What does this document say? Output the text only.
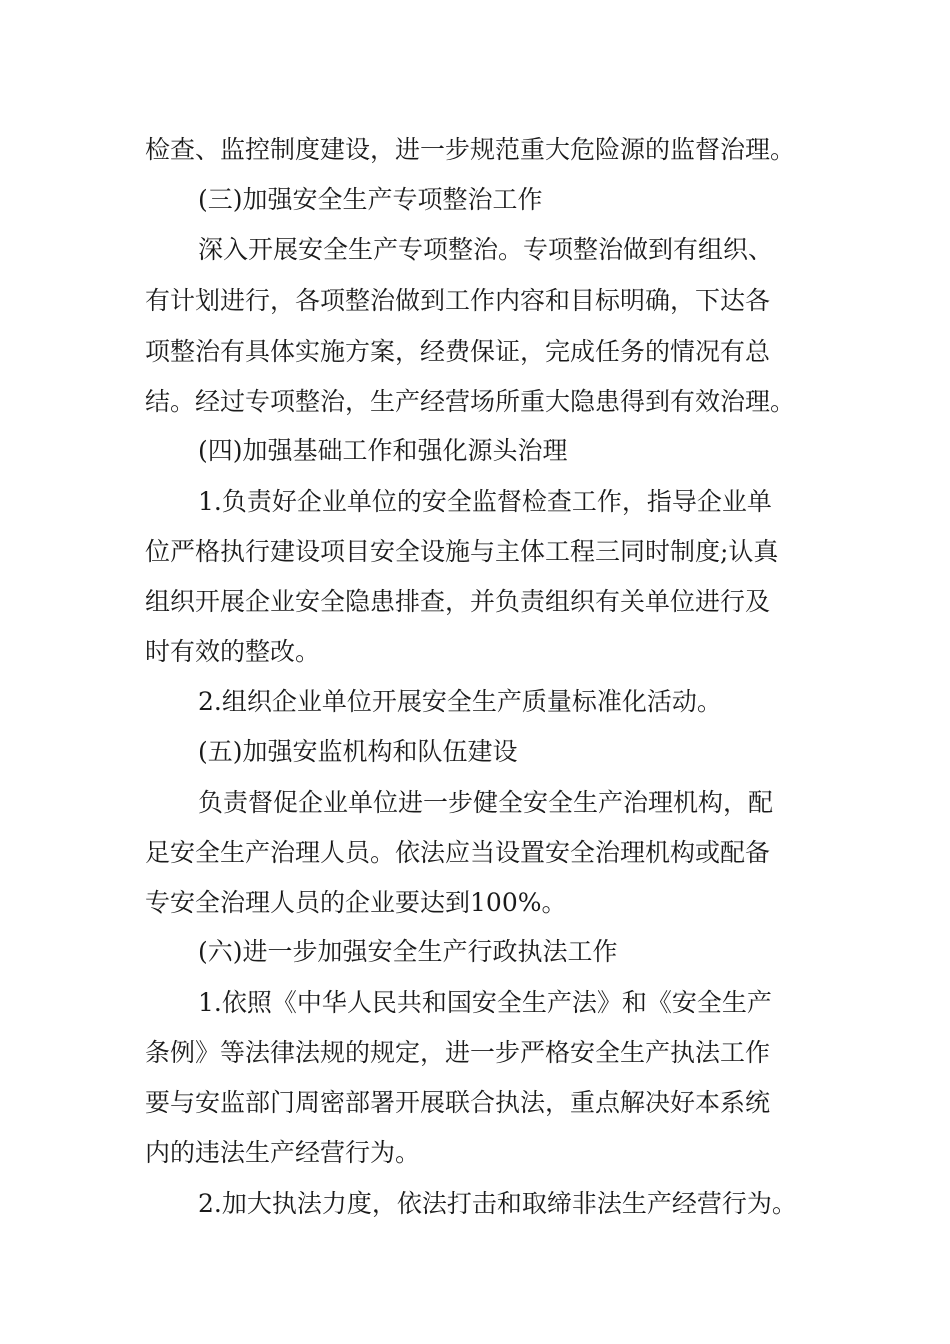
检查、监控制度建设，进一步规范重大危险源的监督治理。
(三)加强安全生产专项整治工作
深入开展安全生产专项整治。专项整治做到有组织、
有计划进行，各项整治做到工作内容和目标明确，下达各
项整治有具体实施方案，经费保证，完成任务的情况有总
结。经过专项整治，生产经营场所重大隐患得到有效治理。
(四)加强基础工作和强化源头治理
1.负责好企业单位的安全监督检查工作，指导企业单
位严格执行建设项目安全设施与主体工程三同时制度;认真
组织开展企业安全隐患排查，并负责组织有关单位进行及
时有效的整改。
2.组织企业单位开展安全生产质量标准化活动。
(五)加强安监机构和队伍建设
负责督促企业单位进一步健全安全生产治理机构，配
足安全生产治理人员。依法应当设置安全治理机构或配备
专安全治理人员的企业要达到100%。
(六)进一步加强安全生产行政执法工作
1.依照《中华人民共和国安全生产法》和《安全生产
条例》等法律法规的规定，进一步严格安全生产执法工作
要与安监部门周密部署开展联合执法，重点解决好本系统
内的违法生产经营行为。
2.加大执法力度，依法打击和取缔非法生产经营行为。
